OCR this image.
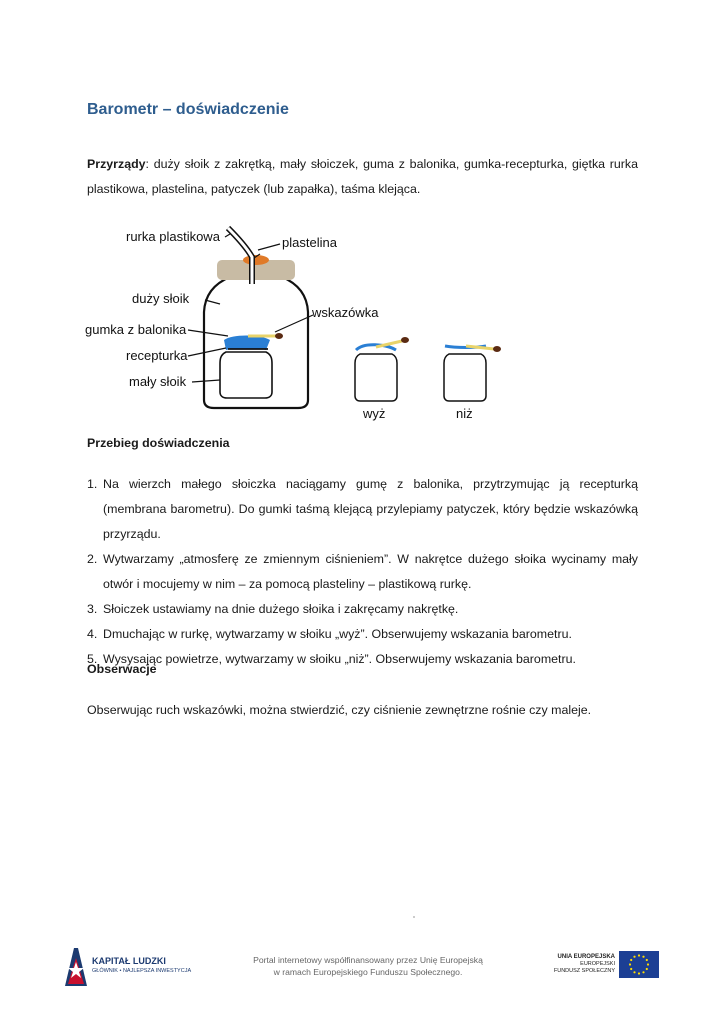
Barometr – doświadczenie
Przyrządy: duży słoik z zakrętką, mały słoiczek, guma z balonika, gumka-recepturka, giętka rurka plastikowa, plastelina, patyczek (lub zapałka), taśma klejąca.
rurka plastikowa	plastelina
duży słoik
wskazówka
gumka z balonika
recepturka
mały słoik
wyż	niż
Przebieg doświadczenia
1. Na wierzch małego słoiczka naciągamy gumę z balonika, przytrzymując ją recepturką (membrana barometru). Do gumki taśmą klejącą przylepiamy patyczek, który będzie wskazówką przyrządu.
2. Wytwarzamy „atmosferę ze zmiennym ciśnieniem”. W nakrętce dużego słoika wycinamy mały otwór i mocujemy w nim – za pomocą plasteliny – plastikową rurkę.
3. Słoiczek ustawiamy na dnie dużego słoika i zakręcamy nakrętkę.
4. Dmuchając w rurkę, wytwarzamy w słoiku „wyż”. Obserwujemy wskazania barometru.
5. Wysysając powietrze, wytwarzamy w słoiku „niż”. Obserwujemy wskazania barometru.
Obserwacje
Obserwując ruch wskazówki, można stwierdzić, czy ciśnienie zewnętrzne rośnie czy maleje.
KAPITAŁ LUDZKI
GŁÓWNIK • NAJLEPSZA INWESTYCJA
Portal internetowy współfinansowany przez Unię Europejską
w ramach Europejskiego Funduszu Społecznego.
UNIA EUROPEJSKA
EUROPEJSKI
FUNDUSZ SPOŁECZNY
